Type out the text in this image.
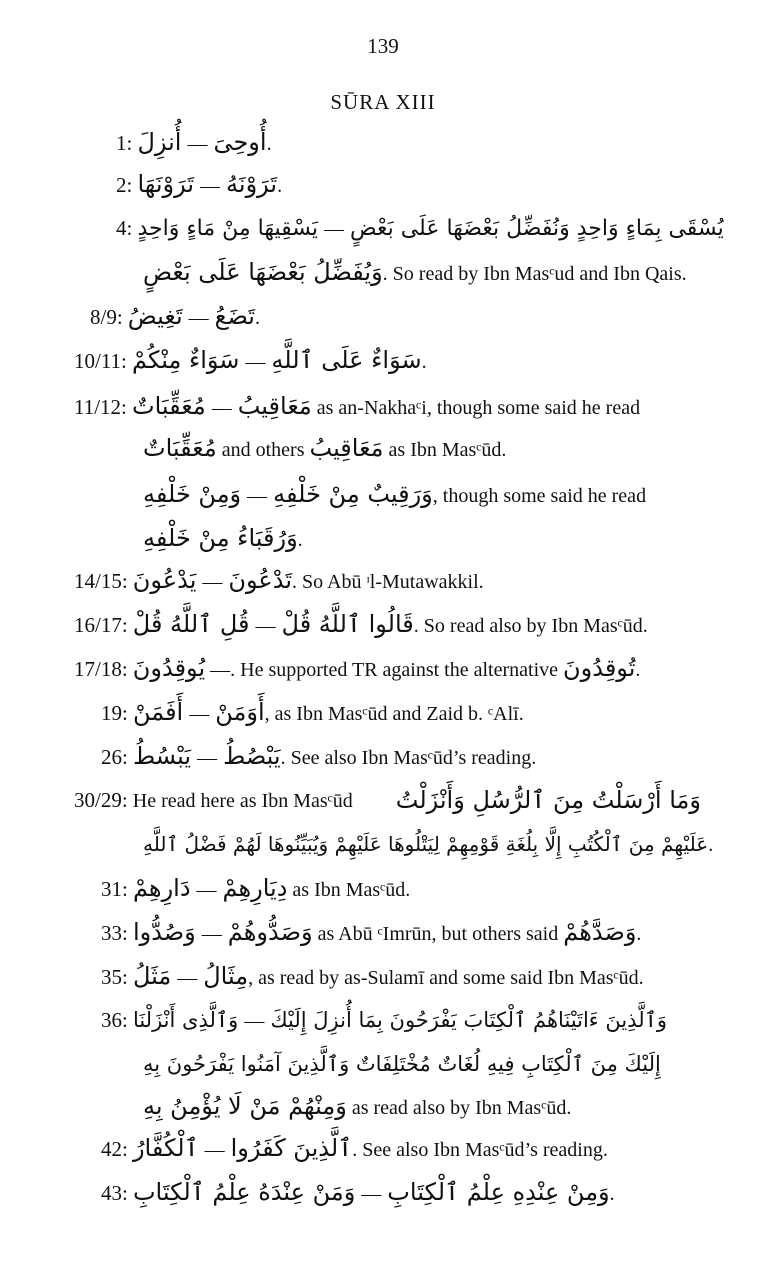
139
SŪRA XIII
1: أُنزِلَ — أُوحِىَ.
2: تَرَوْنَهَا — تَرَوْنَهُ.
4: يَسْقِيهَا مِنْ مَاءٍ وَاحِدٍ — يُسْقَى بِمَاءٍ وَاحِدٍ وَنُفَضِّلُ بَعْضَهَا عَلَى بَعْضٍ
وَيُفَضِّلُ بَعْضَهَا عَلَى بَعْضٍ. So read by Ibn Masᶜud and Ibn Qais.
8/9: تَغِيضُ — تَضَعُ.
10/11: سَوَاءٌ مِنْكُمْ — سَوَاءٌ عَلَى ٱللَّهِ.
11/12: مُعَقِّبَاتٌ — مَعَاقِيبُ as an-Nakhaᶜi, though some said he read
مُعَقِّبَاتٌ and others مَعَاقِيبُ as Ibn Masᶜūd.
وَمِنْ خَلْفِهِ — وَرَقِيبٌ مِنْ خَلْفِهِ, though some said he read
وَرُقَبَاءُ مِنْ خَلْفِهِ.
14/15: يَدْعُونَ — تَدْعُونَ. So Abū ᶦl-Mutawakkil.
16/17: قُلِ ٱللَّهُ قُلْ — قَالُوا ٱللَّهُ قُلْ. So read also by Ibn Masᶜūd.
17/18: يُوقِدُونَ —. He supported TR against the alternative تُوقِدُونَ.
19: أَفَمَنْ — أَوَمَنْ, as Ibn Masᶜūd and Zaid b. ᶜAlī.
26: يَبْسُطُ — يَبْصُطُ. See also Ibn Masᶜūd’s reading.
30/29: He read here as Ibn Masᶜūd وَمَا أَرْسَلْتُ مِنَ ٱلرُّسُلِ وَأَنْزَلْتُ
عَلَيْهِمْ مِنَ ٱلْكُتُبِ إِلَّا بِلُغَةِ قَوْمِهِمْ لِيَتْلُوهَا عَلَيْهِمْ وَيُبَيِّنُوهَا لَهُمْ فَضْلُ ٱللَّهِ.
31: دَارِهِمْ — دِيَارِهِمْ as Ibn Masᶜūd.
33: وَصُدُّوا — وَصَدُّوهُمْ as Abū ᶜImrūn, but others said وَصَدَّهُمْ.
35: مَثَلُ — مِثَالُ, as read by as-Sulamī and some said Ibn Masᶜūd.
36: وَٱلَّذِى أَنْزَلْنَا — وَٱلَّذِينَ ءَاتَيْنَاهُمُ ٱلْكِتَابَ يَفْرَحُونَ بِمَا أُنزِلَ إِلَيْكَ
إِلَيْكَ مِنَ ٱلْكِتَابِ فِيهِ لُغَاتٌ مُخْتَلِفَاتٌ وَٱلَّذِينَ آمَنُوا يَفْرَحُونَ بِهِ
وَمِنْهُمْ مَنْ لَا يُؤْمِنُ بِهِ as read also by Ibn Masᶜūd.
42: ٱلْكُفَّارُ — ٱلَّذِينَ كَفَرُوا. See also Ibn Masᶜūd’s reading.
43: وَمَنْ عِنْدَهُ عِلْمُ ٱلْكِتَابِ — وَمِنْ عِنْدِهِ عِلْمُ ٱلْكِتَابِ.
